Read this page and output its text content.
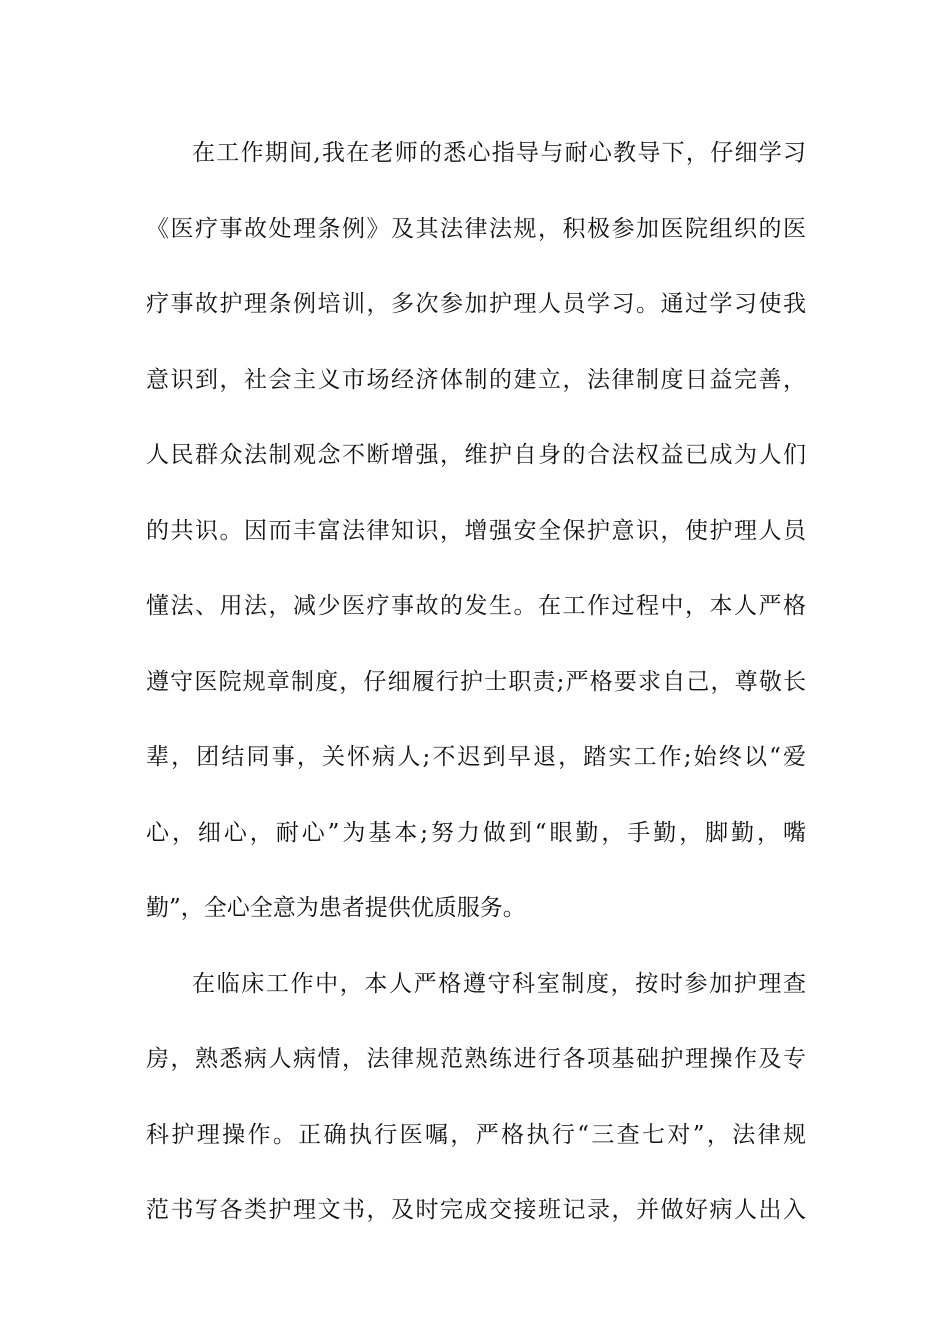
在工作期间,我在老师的悉心指导与耐心教导下，仔细学习
《医疗事故处理条例》及其法律法规，积极参加医院组织的医
疗事故护理条例培训，多次参加护理人员学习。通过学习使我
意识到，社会主义市场经济体制的建立，法律制度日益完善，
人民群众法制观念不断增强，维护自身的合法权益已成为人们
的共识。因而丰富法律知识，增强安全保护意识，使护理人员
懂法、用法，减少医疗事故的发生。在工作过程中，本人严格
遵守医院规章制度，仔细履行护士职责;严格要求自己，尊敬长
辈，团结同事，关怀病人;不迟到早退，踏实工作;始终以“爱
心，细心，耐心”为基本;努力做到“眼勤，手勤，脚勤，嘴
勤”，全心全意为患者提供优质服务。
在临床工作中，本人严格遵守科室制度，按时参加护理查
房，熟悉病人病情，法律规范熟练进行各项基础护理操作及专
科护理操作。正确执行医嘱，严格执行“三查七对”，法律规
范书写各类护理文书，及时完成交接班记录，并做好病人出入
